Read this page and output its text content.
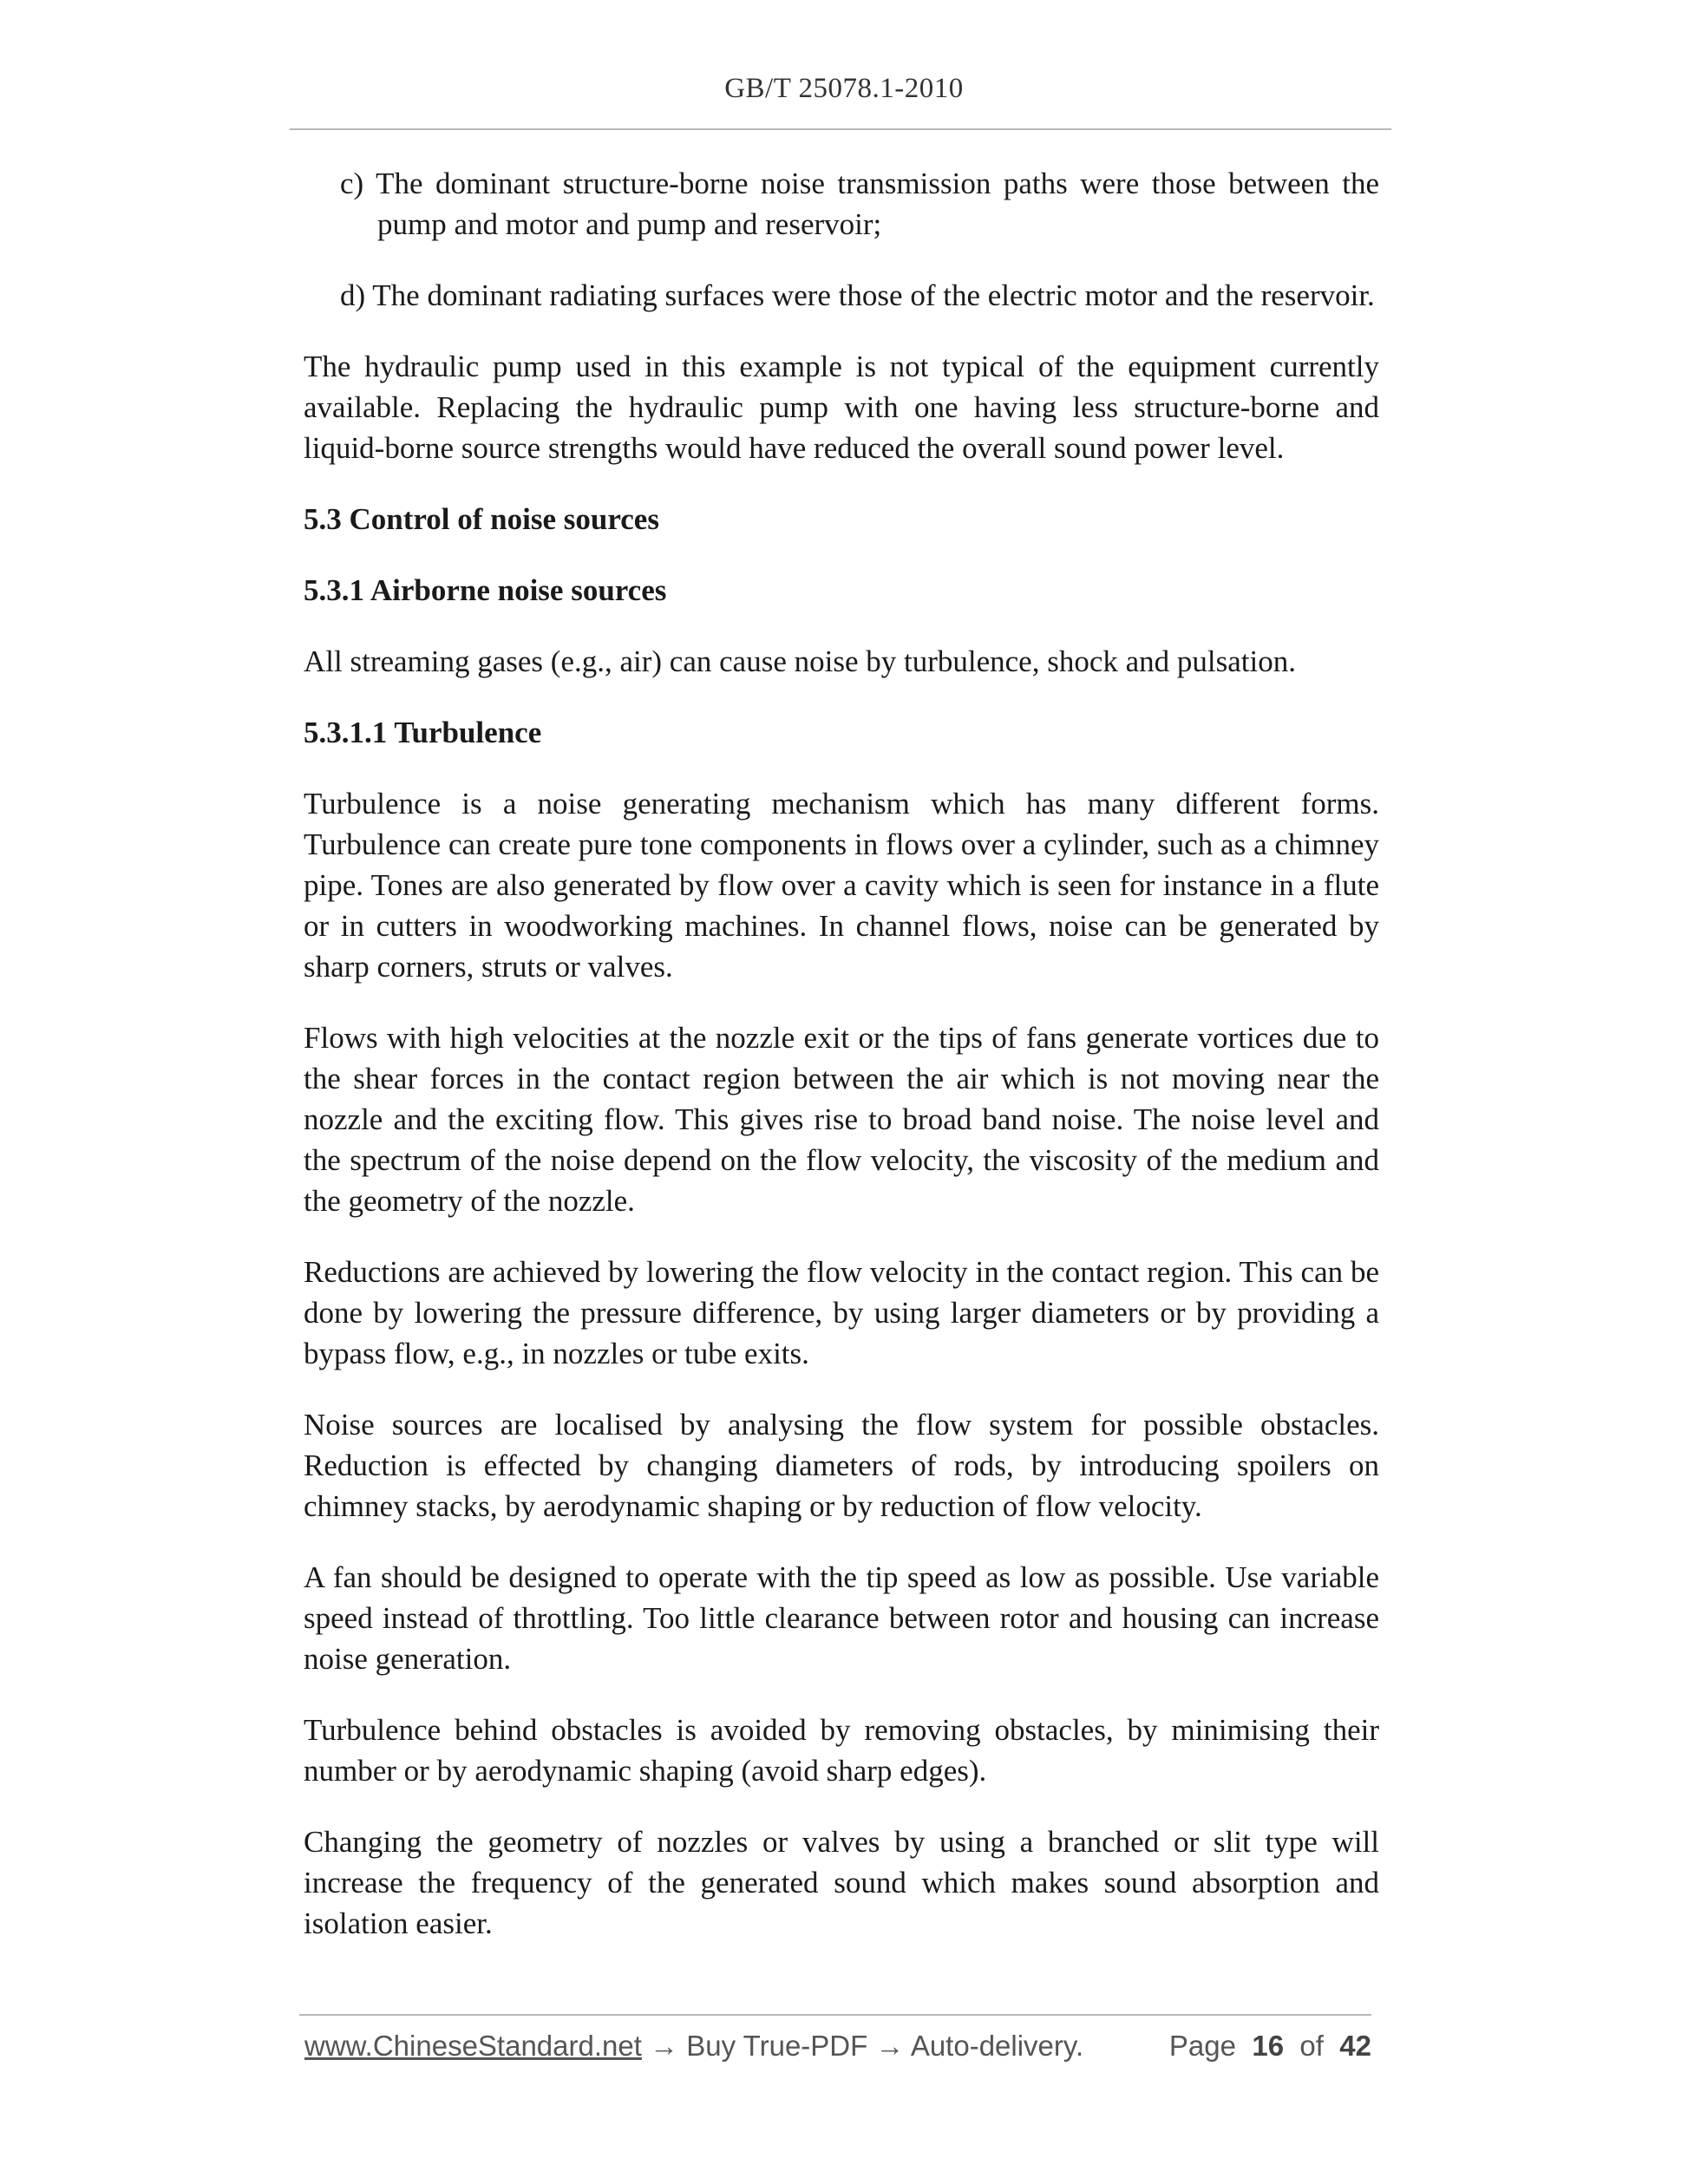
GB/T 25078.1-2010
c) The dominant structure-borne noise transmission paths were those between the pump and motor and pump and reservoir;
d) The dominant radiating surfaces were those of the electric motor and the reservoir.

The hydraulic pump used in this example is not typical of the equipment currently available. Replacing the hydraulic pump with one having less structure-borne and liquid-borne source strengths would have reduced the overall sound power level.

5.3 Control of noise sources
5.3.1 Airborne noise sources

All streaming gases (e.g., air) can cause noise by turbulence, shock and pulsation.

5.3.1.1 Turbulence

Turbulence is a noise generating mechanism which has many different forms. Turbulence can create pure tone components in flows over a cylinder, such as a chimney pipe. Tones are also generated by flow over a cavity which is seen for instance in a flute or in cutters in woodworking machines. In channel flows, noise can be generated by sharp corners, struts or valves.

Flows with high velocities at the nozzle exit or the tips of fans generate vortices due to the shear forces in the contact region between the air which is not moving near the nozzle and the exciting flow. This gives rise to broad band noise. The noise level and the spectrum of the noise depend on the flow velocity, the viscosity of the medium and the geometry of the nozzle.

Reductions are achieved by lowering the flow velocity in the contact region. This can be done by lowering the pressure difference, by using larger diameters or by providing a bypass flow, e.g., in nozzles or tube exits.

Noise sources are localised by analysing the flow system for possible obstacles. Reduction is effected by changing diameters of rods, by introducing spoilers on chimney stacks, by aerodynamic shaping or by reduction of flow velocity.

A fan should be designed to operate with the tip speed as low as possible. Use variable speed instead of throttling. Too little clearance between rotor and housing can increase noise generation.

Turbulence behind obstacles is avoided by removing obstacles, by minimising their number or by aerodynamic shaping (avoid sharp edges).

Changing the geometry of nozzles or valves by using a branched or slit type will increase the frequency of the generated sound which makes sound absorption and isolation easier.

www.ChineseStandard.net → Buy True-PDF → Auto-delivery.	Page 16 of 42
